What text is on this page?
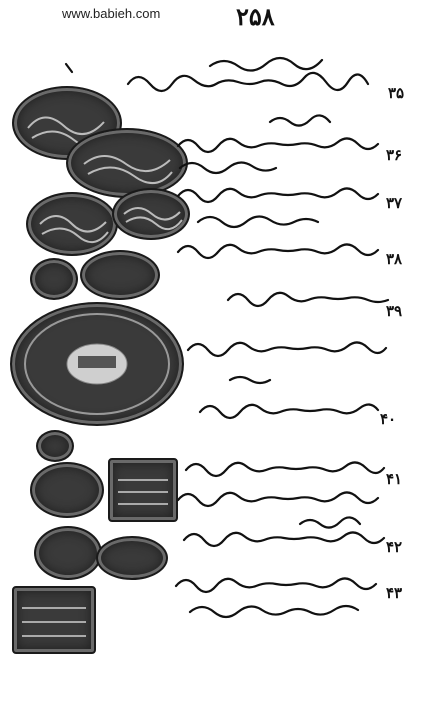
www.babieh.com	۲۵۸
۳۵
۳۶
۳۷
۳۸
۳۹
۴۰
۴۱
۴۲
۴۳
